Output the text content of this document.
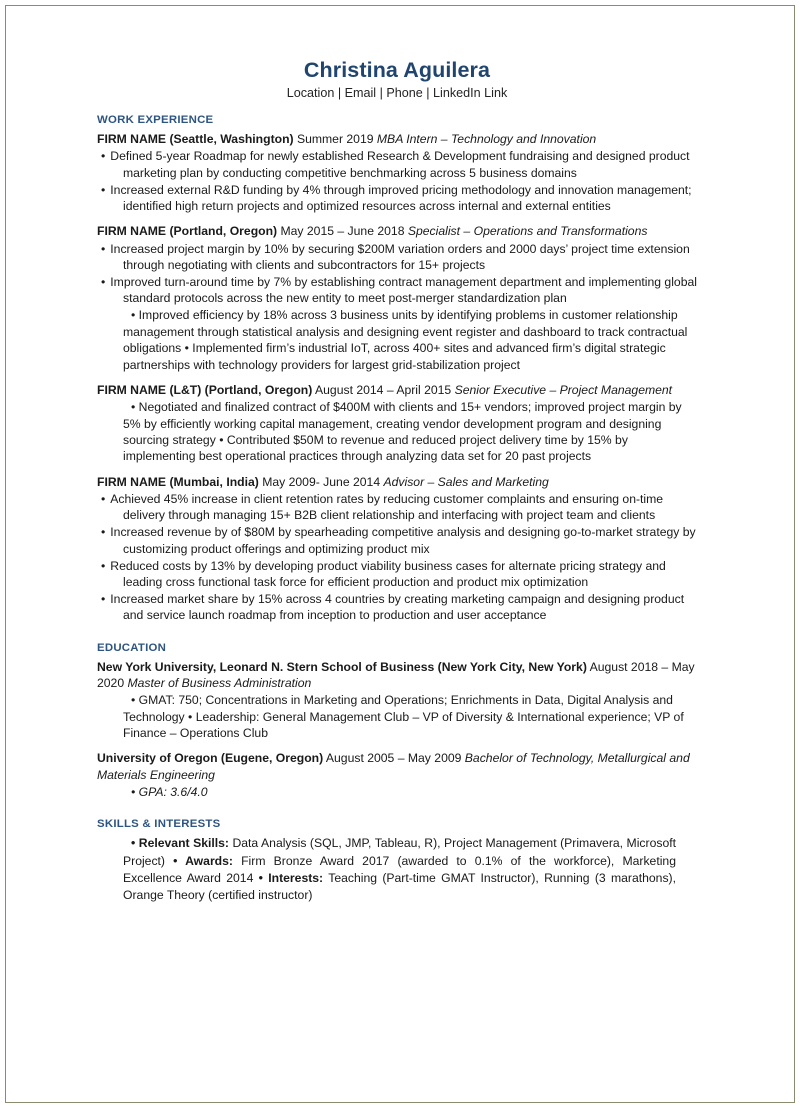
Christina Aguilera
Location | Email | Phone | LinkedIn Link
WORK EXPERIENCE
FIRM NAME (Seattle, Washington) Summer 2019 MBA Intern – Technology and Innovation
• Defined 5-year Roadmap for newly established Research & Development fundraising and designed product marketing plan by conducting competitive benchmarking across 5 business domains
• Increased external R&D funding by 4% through improved pricing methodology and innovation management; identified high return projects and optimized resources across internal and external entities
FIRM NAME (Portland, Oregon) May 2015 – June 2018 Specialist – Operations and Transformations
• Increased project margin by 10% by securing $200M variation orders and 2000 days’ project time extension through negotiating with clients and subcontractors for 15+ projects
• Improved turn-around time by 7% by establishing contract management department and implementing global standard protocols across the new entity to meet post-merger standardization plan
• Improved efficiency by 18% across 3 business units by identifying problems in customer relationship management through statistical analysis and designing event register and dashboard to track contractual obligations • Implemented firm’s industrial IoT, across 400+ sites and advanced firm’s digital strategic partnerships with technology providers for largest grid-stabilization project
FIRM NAME (L&T) (Portland, Oregon) August 2014 – April 2015 Senior Executive – Project Management
• Negotiated and finalized contract of $400M with clients and 15+ vendors; improved project margin by 5% by efficiently working capital management, creating vendor development program and designing sourcing strategy • Contributed $50M to revenue and reduced project delivery time by 15% by implementing best operational practices through analyzing data set for 20 past projects
FIRM NAME (Mumbai, India) May 2009- June 2014 Advisor – Sales and Marketing
• Achieved 45% increase in client retention rates by reducing customer complaints and ensuring on-time delivery through managing 15+ B2B client relationship and interfacing with project team and clients
• Increased revenue by of $80M by spearheading competitive analysis and designing go-to-market strategy by customizing product offerings and optimizing product mix
• Reduced costs by 13% by developing product viability business cases for alternate pricing strategy and leading cross functional task force for efficient production and product mix optimization
• Increased market share by 15% across 4 countries by creating marketing campaign and designing product and service launch roadmap from inception to production and user acceptance
EDUCATION
New York University, Leonard N. Stern School of Business (New York City, New York) August 2018 – May 2020 Master of Business Administration
• GMAT: 750; Concentrations in Marketing and Operations; Enrichments in Data, Digital Analysis and Technology • Leadership: General Management Club – VP of Diversity & International experience; VP of Finance – Operations Club
University of Oregon (Eugene, Oregon) August 2005 – May 2009 Bachelor of Technology, Metallurgical and Materials Engineering
• GPA: 3.6/4.0
SKILLS & INTERESTS
• Relevant Skills: Data Analysis (SQL, JMP, Tableau, R), Project Management (Primavera, Microsoft Project) • Awards: Firm Bronze Award 2017 (awarded to 0.1% of the workforce), Marketing Excellence Award 2014 • Interests: Teaching (Part-time GMAT Instructor), Running (3 marathons), Orange Theory (certified instructor)
